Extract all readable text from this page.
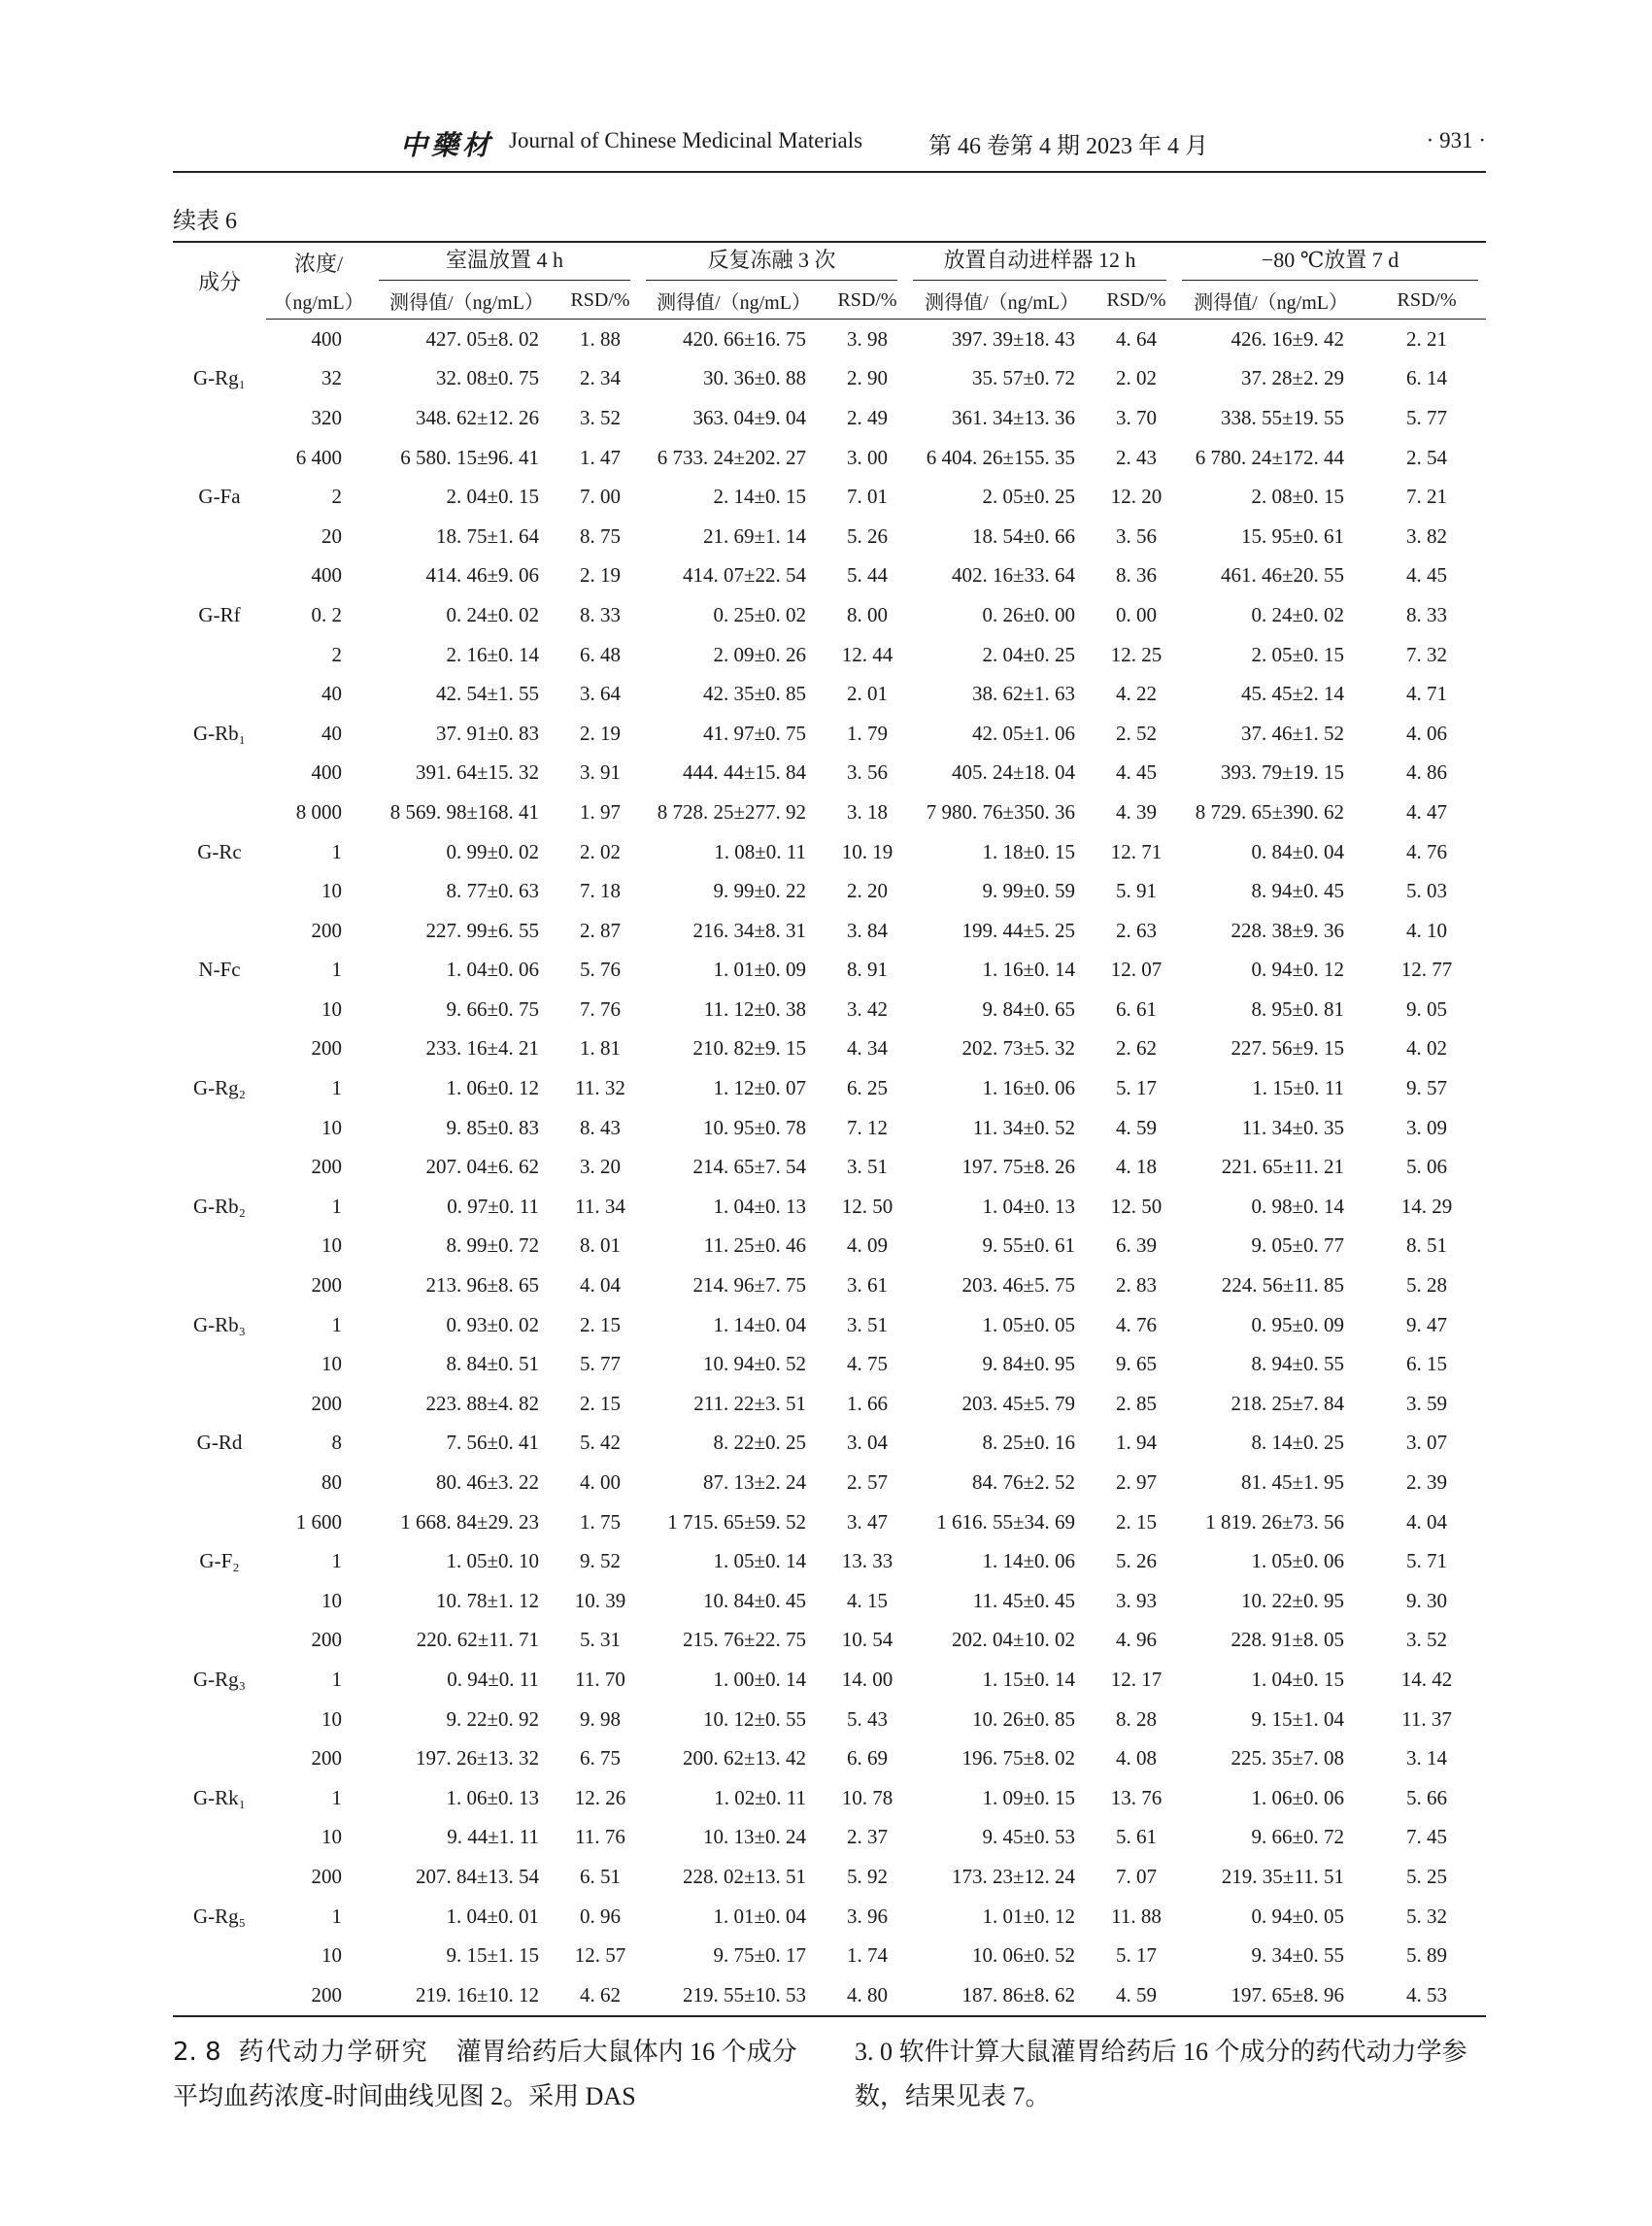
中藥材 Journal of Chinese Medicinal Materials	第 46 卷第 4 期 2023 年 4 月	· 931 ·
续表 6
成分	浓度/	室温放置 4 h		反复冻融 3 次		放置自动进样器 12 h		−80 ℃放置 7 d	
	（ng/mL）	测得值/（ng/mL）	RSD/%	测得值/（ng/mL）	RSD/%	测得值/（ng/mL）	RSD/%	测得值/（ng/mL）	RSD/%
	400	427. 05±8. 02	1. 88	420. 66±16. 75	3. 98	397. 39±18. 43	4. 64	426. 16±9. 42	2. 21
G-Rg₁	32	32. 08±0. 75	2. 34	30. 36±0. 88	2. 90	35. 57±0. 72	2. 02	37. 28±2. 29	6. 14
	320	348. 62±12. 26	3. 52	363. 04±9. 04	2. 49	361. 34±13. 36	3. 70	338. 55±19. 55	5. 77
	6 400	6 580. 15±96. 41	1. 47	6 733. 24±202. 27	3. 00	6 404. 26±155. 35	2. 43	6 780. 24±172. 44	2. 54
G-Fa	2	2. 04±0. 15	7. 00	2. 14±0. 15	7. 01	2. 05±0. 25	12. 20	2. 08±0. 15	7. 21
	20	18. 75±1. 64	8. 75	21. 69±1. 14	5. 26	18. 54±0. 66	3. 56	15. 95±0. 61	3. 82
	400	414. 46±9. 06	2. 19	414. 07±22. 54	5. 44	402. 16±33. 64	8. 36	461. 46±20. 55	4. 45
G-Rf	0. 2	0. 24±0. 02	8. 33	0. 25±0. 02	8. 00	0. 26±0. 00	0. 00	0. 24±0. 02	8. 33
	2	2. 16±0. 14	6. 48	2. 09±0. 26	12. 44	2. 04±0. 25	12. 25	2. 05±0. 15	7. 32
	40	42. 54±1. 55	3. 64	42. 35±0. 85	2. 01	38. 62±1. 63	4. 22	45. 45±2. 14	4. 71
G-Rb₁	40	37. 91±0. 83	2. 19	41. 97±0. 75	1. 79	42. 05±1. 06	2. 52	37. 46±1. 52	4. 06
	400	391. 64±15. 32	3. 91	444. 44±15. 84	3. 56	405. 24±18. 04	4. 45	393. 79±19. 15	4. 86
	8 000	8 569. 98±168. 41	1. 97	8 728. 25±277. 92	3. 18	7 980. 76±350. 36	4. 39	8 729. 65±390. 62	4. 47
G-Rc	1	0. 99±0. 02	2. 02	1. 08±0. 11	10. 19	1. 18±0. 15	12. 71	0. 84±0. 04	4. 76
	10	8. 77±0. 63	7. 18	9. 99±0. 22	2. 20	9. 99±0. 59	5. 91	8. 94±0. 45	5. 03
	200	227. 99±6. 55	2. 87	216. 34±8. 31	3. 84	199. 44±5. 25	2. 63	228. 38±9. 36	4. 10
N-Fc	1	1. 04±0. 06	5. 76	1. 01±0. 09	8. 91	1. 16±0. 14	12. 07	0. 94±0. 12	12. 77
	10	9. 66±0. 75	7. 76	11. 12±0. 38	3. 42	9. 84±0. 65	6. 61	8. 95±0. 81	9. 05
	200	233. 16±4. 21	1. 81	210. 82±9. 15	4. 34	202. 73±5. 32	2. 62	227. 56±9. 15	4. 02
G-Rg₂	1	1. 06±0. 12	11. 32	1. 12±0. 07	6. 25	1. 16±0. 06	5. 17	1. 15±0. 11	9. 57
	10	9. 85±0. 83	8. 43	10. 95±0. 78	7. 12	11. 34±0. 52	4. 59	11. 34±0. 35	3. 09
	200	207. 04±6. 62	3. 20	214. 65±7. 54	3. 51	197. 75±8. 26	4. 18	221. 65±11. 21	5. 06
G-Rb₂	1	0. 97±0. 11	11. 34	1. 04±0. 13	12. 50	1. 04±0. 13	12. 50	0. 98±0. 14	14. 29
	10	8. 99±0. 72	8. 01	11. 25±0. 46	4. 09	9. 55±0. 61	6. 39	9. 05±0. 77	8. 51
	200	213. 96±8. 65	4. 04	214. 96±7. 75	3. 61	203. 46±5. 75	2. 83	224. 56±11. 85	5. 28
G-Rb₃	1	0. 93±0. 02	2. 15	1. 14±0. 04	3. 51	1. 05±0. 05	4. 76	0. 95±0. 09	9. 47
	10	8. 84±0. 51	5. 77	10. 94±0. 52	4. 75	9. 84±0. 95	9. 65	8. 94±0. 55	6. 15
	200	223. 88±4. 82	2. 15	211. 22±3. 51	1. 66	203. 45±5. 79	2. 85	218. 25±7. 84	3. 59
G-Rd	8	7. 56±0. 41	5. 42	8. 22±0. 25	3. 04	8. 25±0. 16	1. 94	8. 14±0. 25	3. 07
	80	80. 46±3. 22	4. 00	87. 13±2. 24	2. 57	84. 76±2. 52	2. 97	81. 45±1. 95	2. 39
	1 600	1 668. 84±29. 23	1. 75	1 715. 65±59. 52	3. 47	1 616. 55±34. 69	2. 15	1 819. 26±73. 56	4. 04
G-F₂	1	1. 05±0. 10	9. 52	1. 05±0. 14	13. 33	1. 14±0. 06	5. 26	1. 05±0. 06	5. 71
	10	10. 78±1. 12	10. 39	10. 84±0. 45	4. 15	11. 45±0. 45	3. 93	10. 22±0. 95	9. 30
	200	220. 62±11. 71	5. 31	215. 76±22. 75	10. 54	202. 04±10. 02	4. 96	228. 91±8. 05	3. 52
G-Rg₃	1	0. 94±0. 11	11. 70	1. 00±0. 14	14. 00	1. 15±0. 14	12. 17	1. 04±0. 15	14. 42
	10	9. 22±0. 92	9. 98	10. 12±0. 55	5. 43	10. 26±0. 85	8. 28	9. 15±1. 04	11. 37
	200	197. 26±13. 32	6. 75	200. 62±13. 42	6. 69	196. 75±8. 02	4. 08	225. 35±7. 08	3. 14
G-Rk₁	1	1. 06±0. 13	12. 26	1. 02±0. 11	10. 78	1. 09±0. 15	13. 76	1. 06±0. 06	5. 66
	10	9. 44±1. 11	11. 76	10. 13±0. 24	2. 37	9. 45±0. 53	5. 61	9. 66±0. 72	7. 45
	200	207. 84±13. 54	6. 51	228. 02±13. 51	5. 92	173. 23±12. 24	7. 07	219. 35±11. 51	5. 25
G-Rg₅	1	1. 04±0. 01	0. 96	1. 01±0. 04	3. 96	1. 01±0. 12	11. 88	0. 94±0. 05	5. 32
	10	9. 15±1. 15	12. 57	9. 75±0. 17	1. 74	10. 06±0. 52	5. 17	9. 34±0. 55	5. 89
	200	219. 16±10. 12	4. 62	219. 55±10. 53	4. 80	187. 86±8. 62	4. 59	197. 65±8. 96	4. 53
2. 8 药代动力学研究 灌胃给药后大鼠体内 16 个成分平均血药浓度-时间曲线见图 2。采用 DAS
3. 0 软件计算大鼠灌胃给药后 16 个成分的药代动力学参数，结果见表 7。
